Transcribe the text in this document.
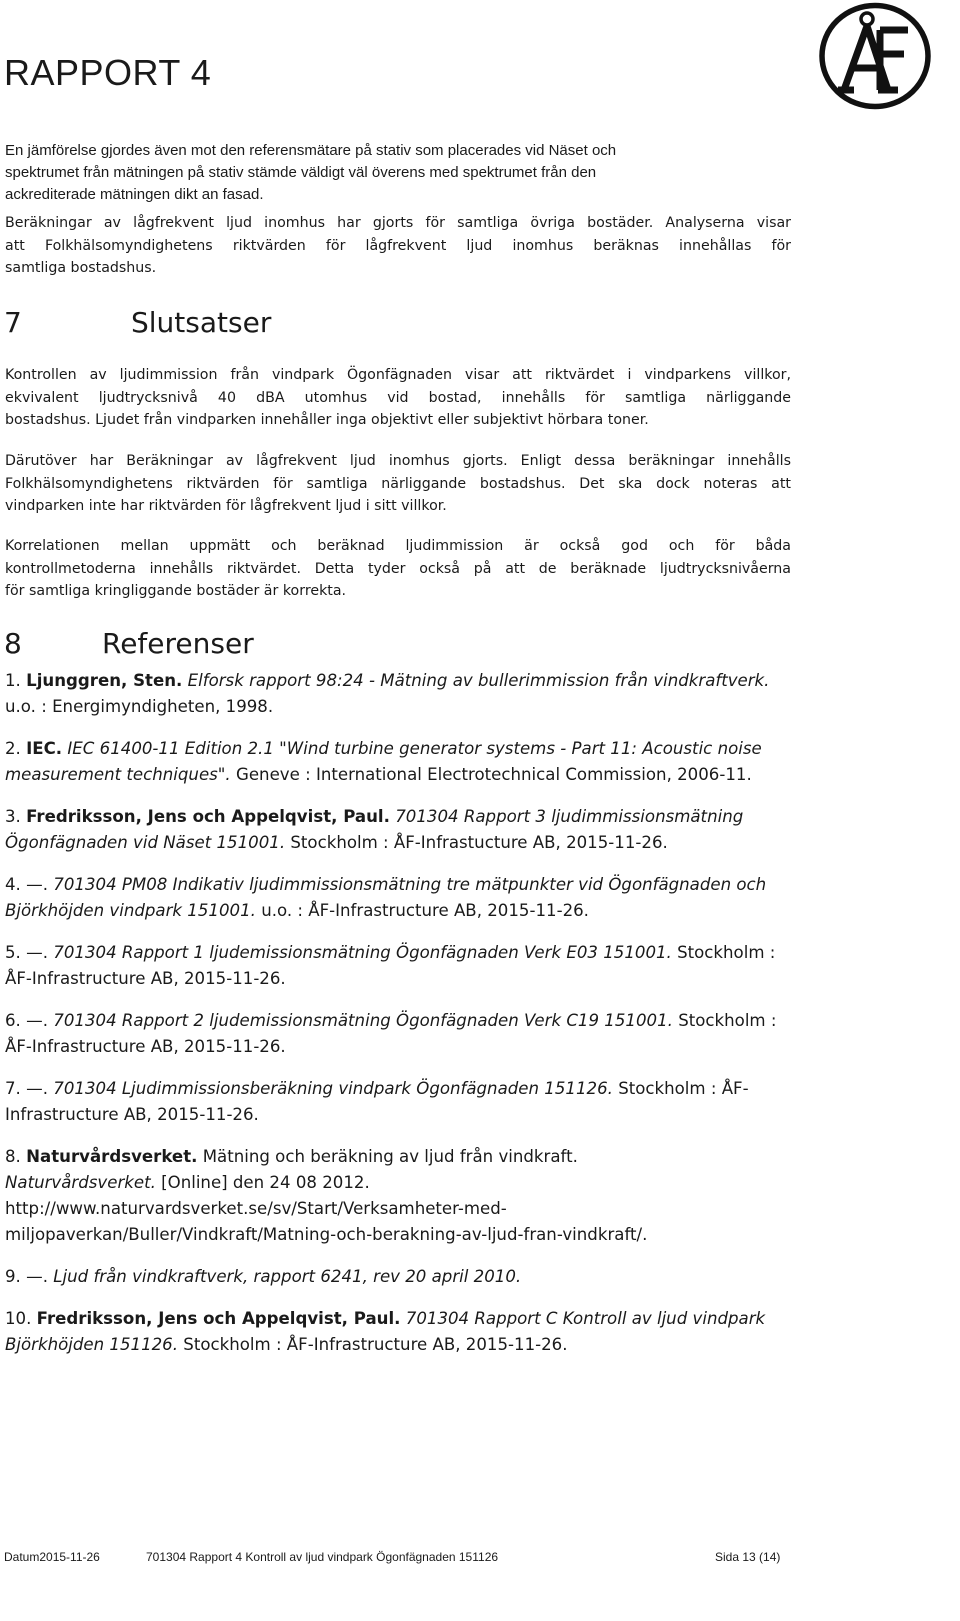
RAPPORT 4

En jämförelse gjordes även mot den referensmätare på stativ som placerades vid Näset och
spektrumet från mätningen på stativ stämde väldigt väl överens med spektrumet från den
ackrediterade mätningen dikt an fasad.

Beräkningar av lågfrekvent ljud inomhus har gjorts för samtliga övriga bostäder. Analyserna visar
att Folkhälsomyndighetens riktvärden för lågfrekvent ljud inomhus beräknas innehållas för
samtliga bostadshus.

7	Slutsatser

Kontrollen av ljudimmission från vindpark Ögonfägnaden visar att riktvärdet i vindparkens villkor,
ekvivalent ljudtrycksnivå 40 dBA utomhus vid bostad, innehålls för samtliga närliggande
bostadshus. Ljudet från vindparken innehåller inga objektivt eller subjektivt hörbara toner.

Därutöver har Beräkningar av lågfrekvent ljud inomhus gjorts. Enligt dessa beräkningar innehålls
Folkhälsomyndighetens riktvärden för samtliga närliggande bostadshus. Det ska dock noteras att
vindparken inte har riktvärden för lågfrekvent ljud i sitt villkor.

Korrelationen mellan uppmätt och beräknad ljudimmission är också god och för båda
kontrollmetoderna innehålls riktvärdet. Detta tyder också på att de beräknade ljudtrycksnivåerna
för samtliga kringliggande bostäder är korrekta.

8	Referenser

1. Ljunggren, Sten. Elforsk rapport 98:24 - Mätning av bullerimmission från vindkraftverk. u.o. : Energimyndigheten, 1998.

2. IEC. IEC 61400-11 Edition 2.1 "Wind turbine generator systems - Part 11: Acoustic noise measurement techniques". Geneve : International Electrotechnical Commission, 2006-11.

3. Fredriksson, Jens och Appelqvist, Paul. 701304 Rapport 3 ljudimmissionsmätning Ögonfägnaden vid Näset 151001. Stockholm : ÅF-Infrastucture AB, 2015-11-26.

4. —. 701304 PM08 Indikativ ljudimmissionsmätning tre mätpunkter vid Ögonfägnaden och Björkhöjden vindpark 151001. u.o. : ÅF-Infrastructure AB, 2015-11-26.

5. —. 701304 Rapport 1 ljudemissionsmätning Ögonfägnaden Verk E03 151001. Stockholm : ÅF-Infrastructure AB, 2015-11-26.

6. —. 701304 Rapport 2 ljudemissionsmätning Ögonfägnaden Verk C19 151001. Stockholm : ÅF-Infrastructure AB, 2015-11-26.

7. —. 701304 Ljudimmissionsberäkning vindpark Ögonfägnaden 151126. Stockholm : ÅF-Infrastructure AB, 2015-11-26.

8. Naturvårdsverket. Mätning och beräkning av ljud från vindkraft.
Naturvårdsverket. [Online] den 24 08 2012.
http://www.naturvardsverket.se/sv/Start/Verksamheter-med-
miljopaverkan/Buller/Vindkraft/Matning-och-berakning-av-ljud-fran-vindkraft/.

9. —. Ljud från vindkraftverk, rapport 6241, rev 20 april 2010.

10. Fredriksson, Jens och Appelqvist, Paul. 701304 Rapport C Kontroll av ljud vindpark Björkhöjden 151126. Stockholm : ÅF-Infrastructure AB, 2015-11-26.

Datum2015-11-26	701304 Rapport 4 Kontroll av ljud vindpark Ögonfägnaden 151126	Sida 13 (14)
